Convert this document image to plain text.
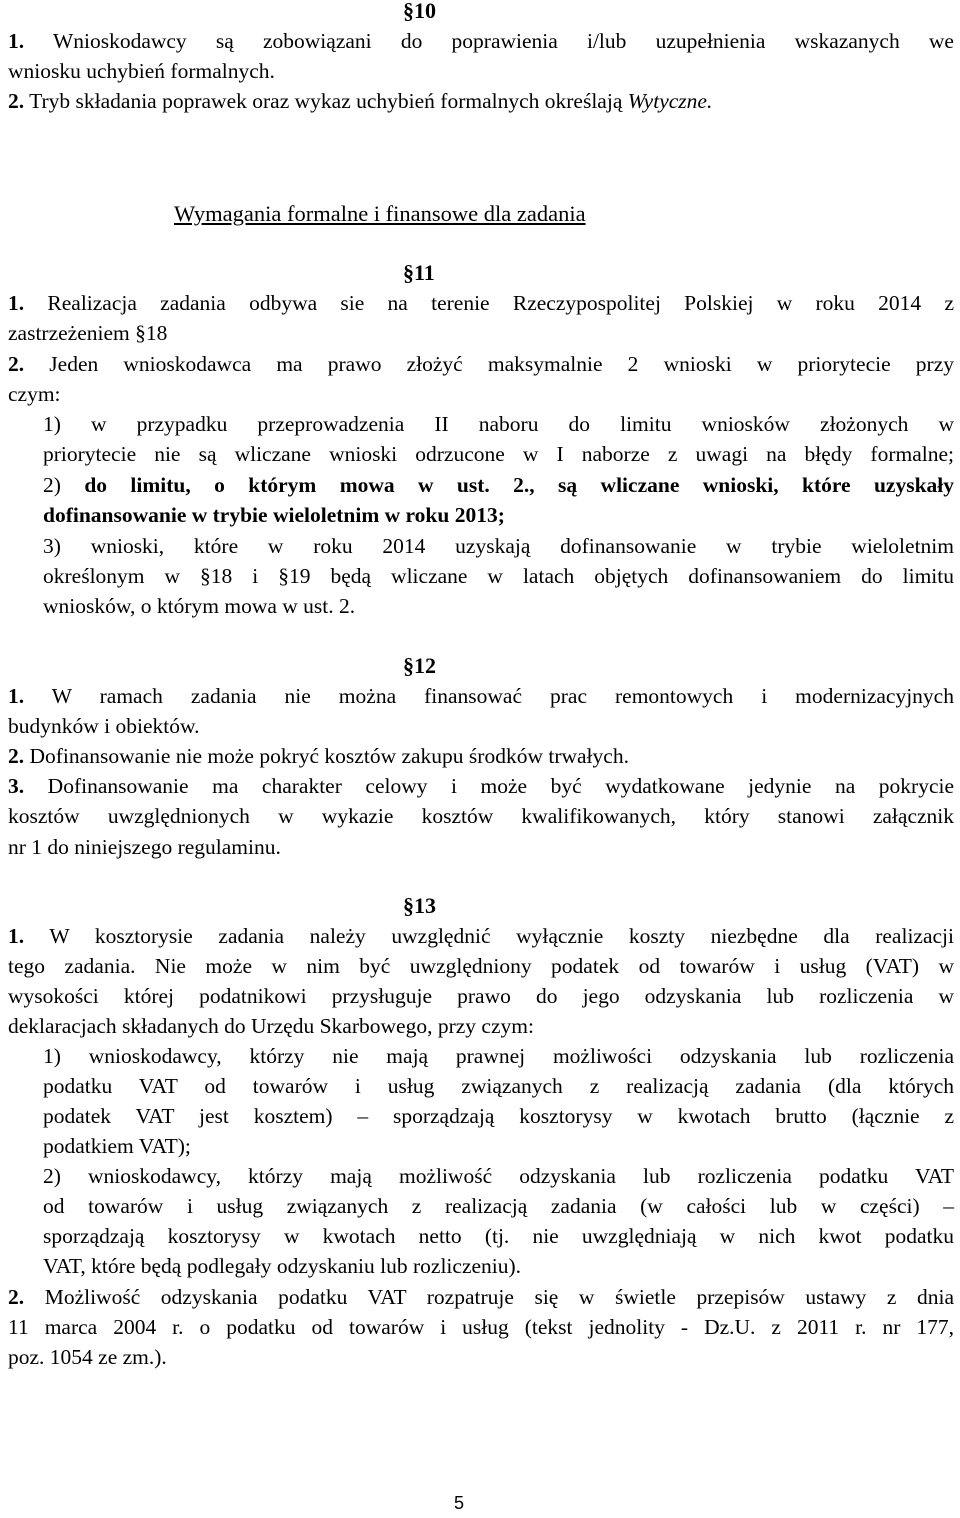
§10
1. Wnioskodawcy są zobowiązani do poprawienia i/lub uzupełnienia wskazanych we
wniosku uchybień formalnych.
2. Tryb składania poprawek oraz wykaz uchybień formalnych określają Wytyczne.
Wymagania formalne i finansowe dla zadania
§11
1. Realizacja zadania odbywa sie na terenie Rzeczypospolitej Polskiej w roku 2014 z
zastrzeżeniem §18
2. Jeden wnioskodawca ma prawo złożyć maksymalnie 2 wnioski w priorytecie przy
czym:
1) w przypadku przeprowadzenia II naboru do limitu wniosków złożonych w
priorytecie nie są wliczane wnioski odrzucone w I naborze z uwagi na błędy formalne;
2) do limitu, o którym mowa w ust. 2., są wliczane wnioski, które uzyskały
dofinansowanie w trybie wieloletnim w roku 2013;
3) wnioski, które w roku 2014 uzyskają dofinansowanie w trybie wieloletnim
określonym w §18 i §19 będą wliczane w latach objętych dofinansowaniem do limitu
wniosków, o którym mowa w ust. 2.
§12
1. W ramach zadania nie można finansować prac remontowych i modernizacyjnych
budynków i obiektów.
2. Dofinansowanie nie może pokryć kosztów zakupu środków trwałych.
3. Dofinansowanie ma charakter celowy i może być wydatkowane jedynie na pokrycie
kosztów uwzględnionych w wykazie kosztów kwalifikowanych, który stanowi załącznik
nr 1 do niniejszego regulaminu.
§13
1. W kosztorysie zadania należy uwzględnić wyłącznie koszty niezbędne dla realizacji
tego zadania. Nie może w nim być uwzględniony podatek od towarów i usług (VAT) w
wysokości której podatnikowi przysługuje prawo do jego odzyskania lub rozliczenia w
deklaracjach składanych do Urzędu Skarbowego, przy czym:
1) wnioskodawcy, którzy nie mają prawnej możliwości odzyskania lub rozliczenia
podatku VAT od towarów i usług związanych z realizacją zadania (dla których
podatek VAT jest kosztem) – sporządzają kosztorysy w kwotach brutto (łącznie z
podatkiem VAT);
2) wnioskodawcy, którzy mają możliwość odzyskania lub rozliczenia podatku VAT
od towarów i usług związanych z realizacją zadania (w całości lub w części) –
sporządzają kosztorysy w kwotach netto (tj. nie uwzględniają w nich kwot podatku
VAT, które będą podlegały odzyskaniu lub rozliczeniu).
2. Możliwość odzyskania podatku VAT rozpatruje się w świetle przepisów ustawy z dnia
11 marca 2004 r. o podatku od towarów i usług (tekst jednolity - Dz.U. z 2011 r. nr 177,
poz. 1054 ze zm.).
5
